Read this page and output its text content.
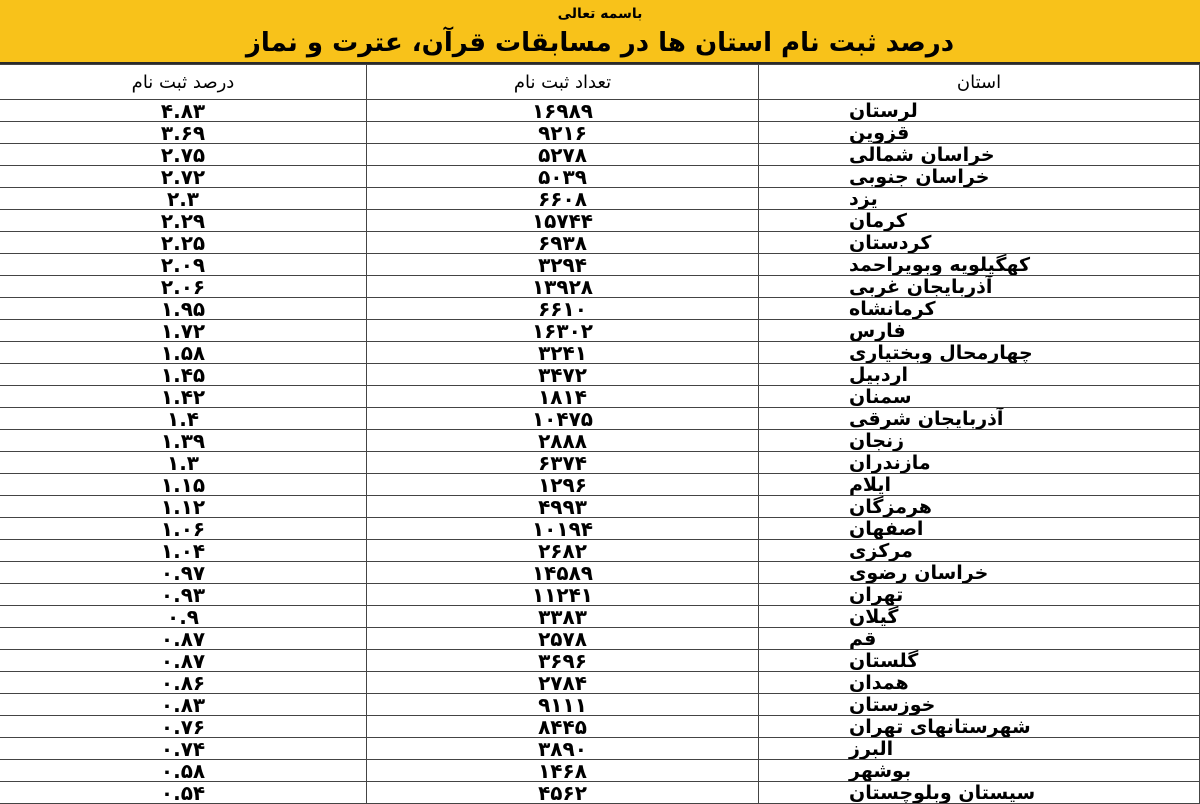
باسمه تعالی
درصد ثبت نام استان ها در مسابقات قرآن، عترت و نماز
استان	تعداد ثبت نام	درصد ثبت نام
لرستان	۱۶۹۸۹	۴.۸۳
قزوین	۹۲۱۶	۳.۶۹
خراسان شمالی	۵۲۷۸	۲.۷۵
خراسان جنوبی	۵۰۳۹	۲.۷۲
یزد	۶۶۰۸	۲.۳
کرمان	۱۵۷۴۴	۲.۲۹
کردستان	۶۹۳۸	۲.۲۵
کهگیلویه وبویراحمد	۳۲۹۴	۲.۰۹
آذربایجان غربی	۱۳۹۲۸	۲.۰۶
کرمانشاه	۶۶۱۰	۱.۹۵
فارس	۱۶۳۰۲	۱.۷۲
چهارمحال وبختیاری	۳۲۴۱	۱.۵۸
اردبیل	۳۴۷۲	۱.۴۵
سمنان	۱۸۱۴	۱.۴۲
آذربایجان شرقی	۱۰۴۷۵	۱.۴
زنجان	۲۸۸۸	۱.۳۹
مازندران	۶۳۷۴	۱.۳
ایلام	۱۲۹۶	۱.۱۵
هرمزگان	۴۹۹۳	۱.۱۲
اصفهان	۱۰۱۹۴	۱.۰۶
مرکزی	۲۶۸۲	۱.۰۴
خراسان رضوی	۱۴۵۸۹	۰.۹۷
تهران	۱۱۲۴۱	۰.۹۳
گیلان	۳۳۸۳	۰.۹
قم	۲۵۷۸	۰.۸۷
گلستان	۳۶۹۶	۰.۸۷
همدان	۲۷۸۴	۰.۸۶
خوزستان	۹۱۱۱	۰.۸۳
شهرستانهای تهران	۸۴۴۵	۰.۷۶
البرز	۳۸۹۰	۰.۷۴
بوشهر	۱۴۶۸	۰.۵۸
سیستان وبلوچستان	۴۵۶۲	۰.۵۴
